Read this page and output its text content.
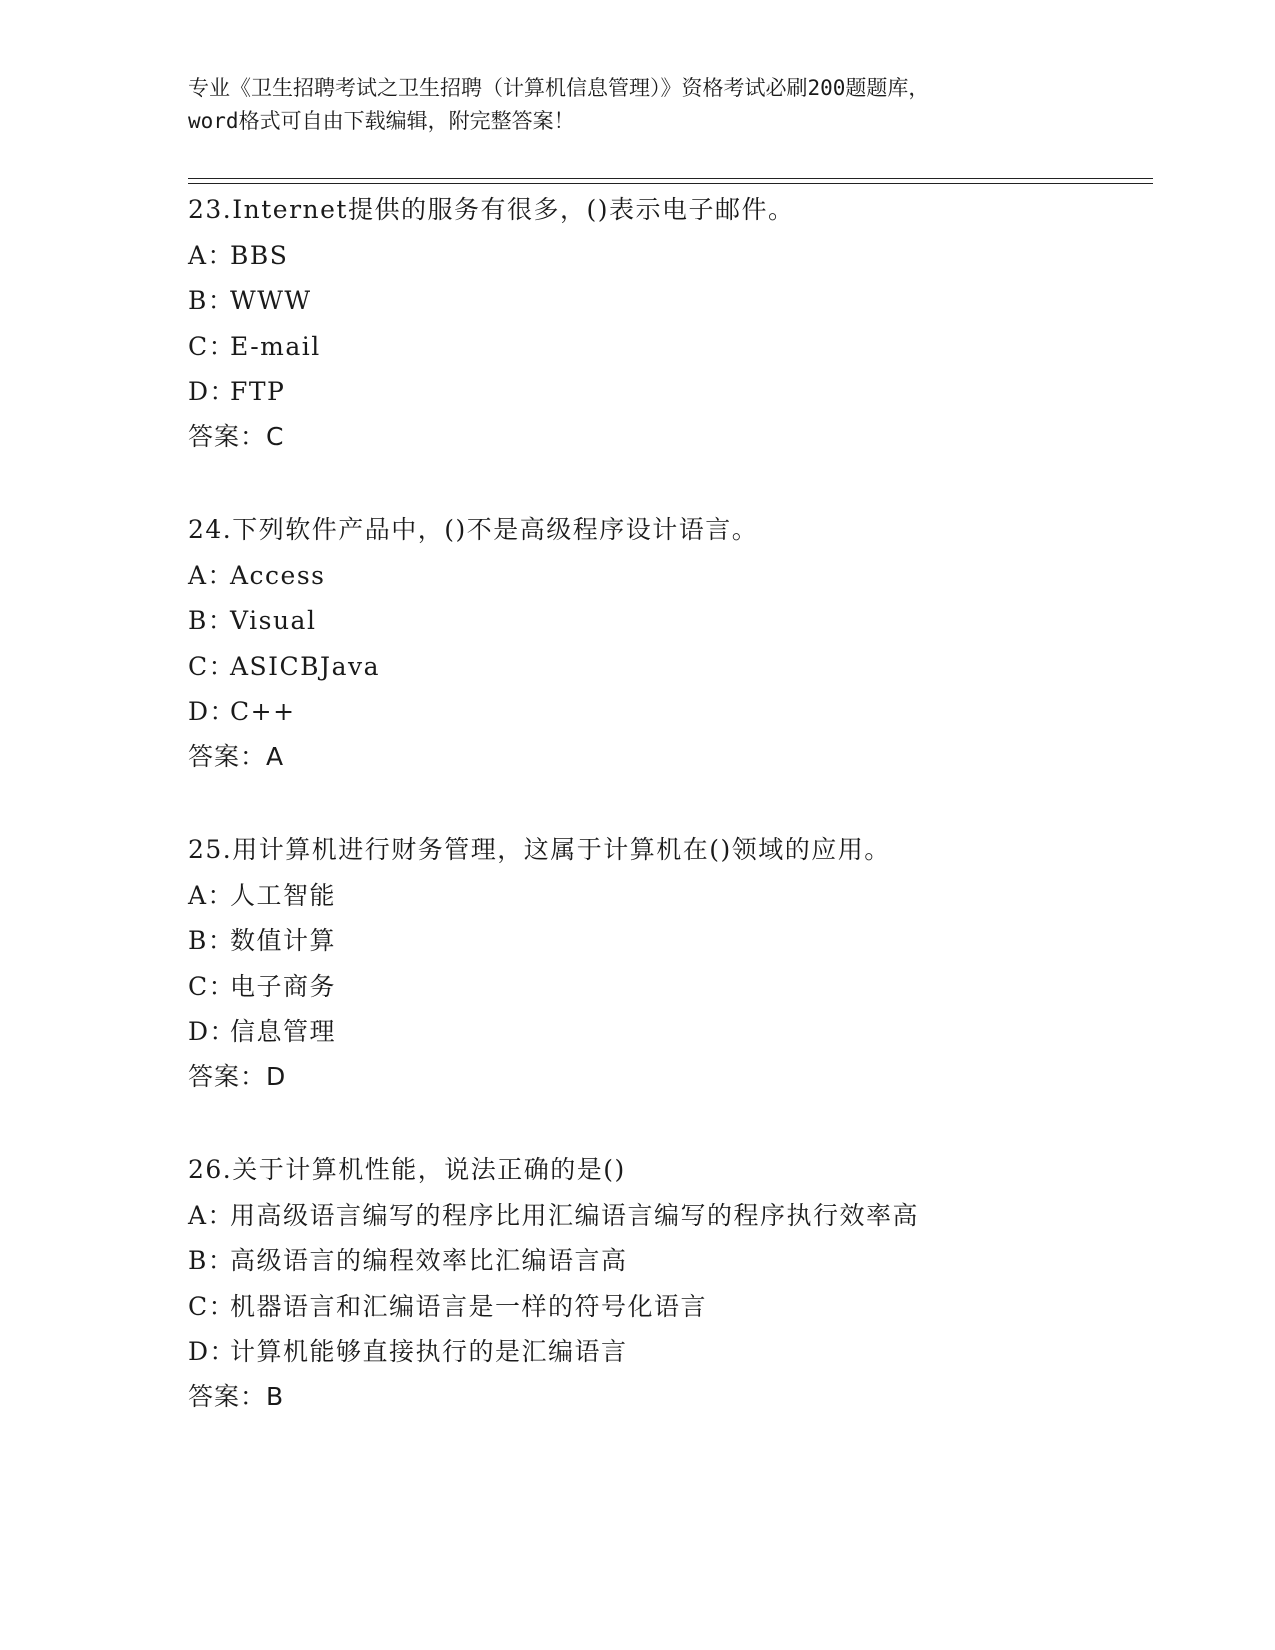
专业《卫生招聘考试之卫生招聘（计算机信息管理）》资格考试必刷200题题库，
word格式可自由下载编辑，附完整答案！
23.Internet提供的服务有很多，()表示电子邮件。
A：BBS
B：WWW
C：E-mail
D：FTP
答案：C
24.下列软件产品中，()不是高级程序设计语言。
A：Access
B：Visual
C：ASICBJava
D：C++
答案：A
25.用计算机进行财务管理，这属于计算机在()领域的应用。
A：人工智能
B：数值计算
C：电子商务
D：信息管理
答案：D
26.关于计算机性能，说法正确的是()
A：用高级语言编写的程序比用汇编语言编写的程序执行效率高
B：高级语言的编程效率比汇编语言高
C：机器语言和汇编语言是一样的符号化语言
D：计算机能够直接执行的是汇编语言
答案：B
